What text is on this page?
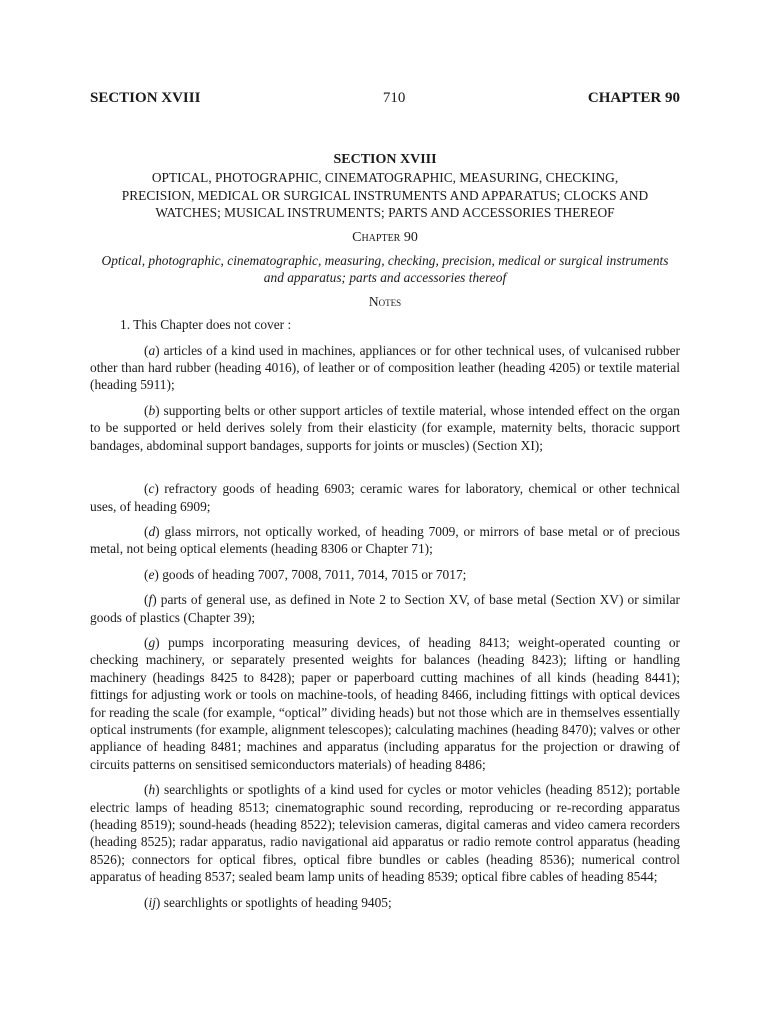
SECTION XVIII	710	CHAPTER 90
SECTION XVIII
OPTICAL, PHOTOGRAPHIC, CINEMATOGRAPHIC, MEASURING, CHECKING,
PRECISION, MEDICAL OR SURGICAL INSTRUMENTS AND APPARATUS; CLOCKS AND
WATCHES; MUSICAL INSTRUMENTS; PARTS AND ACCESSORIES THEREOF
Chapter 90
Optical, photographic, cinematographic, measuring, checking, precision, medical or surgical instruments
and apparatus; parts and accessories thereof
Notes
1. This Chapter does not cover :
(a) articles of a kind used in machines, appliances or for other technical uses, of vulcanised rubber other than hard rubber (heading 4016), of leather or of composition leather (heading 4205) or textile material (heading 5911);
(b) supporting belts or other support articles of textile material, whose intended effect on the organ to be supported or held derives solely from their elasticity (for example, maternity belts, thoracic support bandages, abdominal support bandages, supports for joints or muscles) (Section XI);
(c) refractory goods of heading 6903; ceramic wares for laboratory, chemical or other technical uses, of heading 6909;
(d) glass mirrors, not optically worked, of heading 7009, or mirrors of base metal or of precious metal, not being optical elements (heading 8306 or Chapter 71);
(e) goods of heading 7007, 7008, 7011, 7014, 7015 or 7017;
(f) parts of general use, as defined in Note 2 to Section XV, of base metal (Section XV) or similar goods of plastics (Chapter 39);
(g) pumps incorporating measuring devices, of heading 8413; weight-operated counting or checking machinery, or separately presented weights for balances (heading 8423); lifting or handling machinery (headings 8425 to 8428); paper or paperboard cutting machines of all kinds (heading 8441); fittings for adjusting work or tools on machine-tools, of heading 8466, including fittings with optical devices for reading the scale (for example, “optical” dividing heads) but not those which are in themselves essentially optical instruments (for example, alignment telescopes); calculating machines (heading 8470); valves or other appliance of heading 8481; machines and apparatus (including apparatus for the projection or drawing of circuits patterns on sensitised semiconductors materials) of heading 8486;
(h) searchlights or spotlights of a kind used for cycles or motor vehicles (heading 8512); portable electric lamps of heading 8513; cinematographic sound recording, reproducing or re-recording apparatus (heading 8519); sound-heads (heading 8522); television cameras, digital cameras and video camera recorders (heading 8525); radar apparatus, radio navigational aid apparatus or radio remote control apparatus (heading 8526); connectors for optical fibres, optical fibre bundles or cables (heading 8536); numerical control apparatus of heading 8537; sealed beam lamp units of heading 8539; optical fibre cables of heading 8544;
(ij) searchlights or spotlights of heading 9405;
